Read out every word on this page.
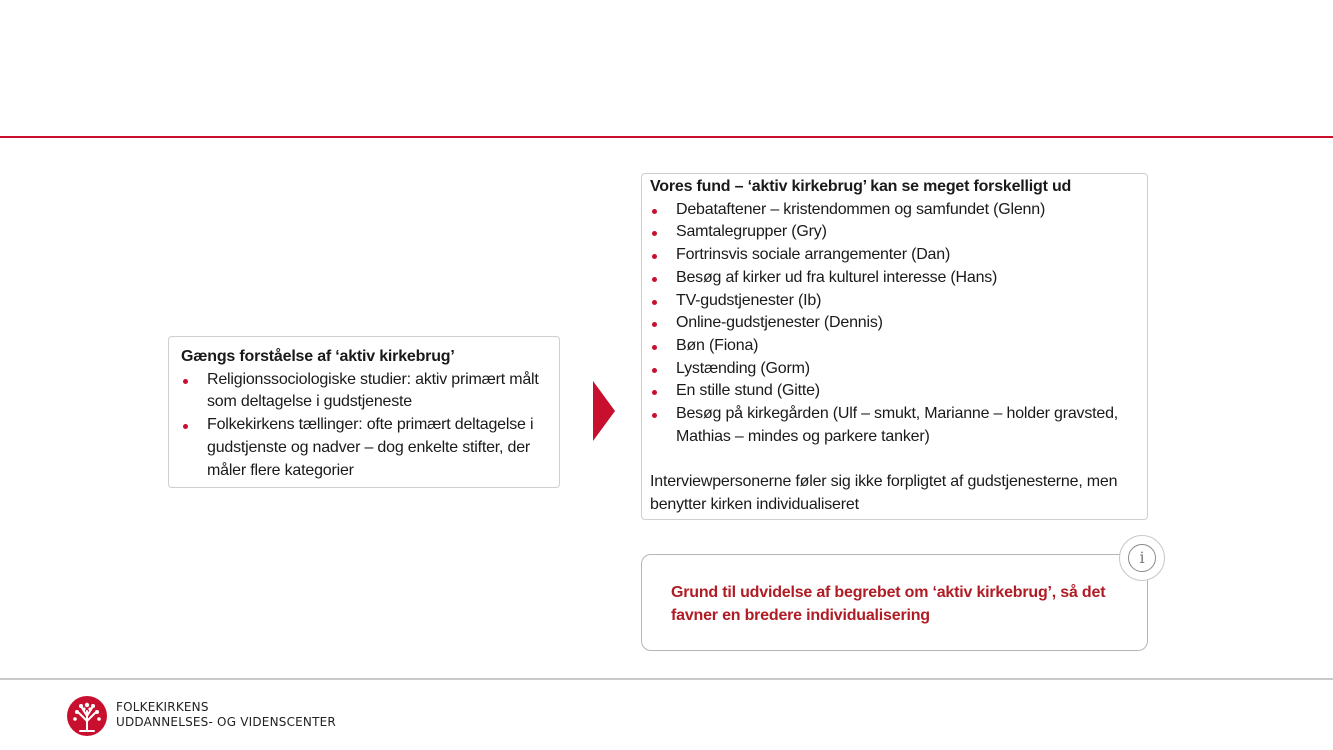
Gængs forståelse af ‘aktiv kirkebrug’
Religionssociologiske studier: aktiv primært målt som deltagelse i gudstjeneste
Folkekirkens tællinger: ofte primært deltagelse i gudstjenste og nadver – dog enkelte stifter, der måler flere kategorier
Vores fund – ‘aktiv kirkebrug’ kan se meget forskelligt ud
Debataftener – kristendommen og samfundet (Glenn)
Samtalegrupper (Gry)
Fortrinsvis sociale arrangementer (Dan)
Besøg af kirker ud fra kulturel interesse (Hans)
TV-gudstjenester (Ib)
Online-gudstjenester (Dennis)
Bøn (Fiona)
Lystænding (Gorm)
En stille stund (Gitte)
Besøg på kirkegården (Ulf – smukt, Marianne – holder gravsted, Mathias – mindes og parkere tanker)
Interviewpersonerne føler sig ikke forpligtet af gudstjenesterne, men benytter kirken individualiseret
Grund til udvidelse af begrebet om ‘aktiv kirkebrug’, så det favner en bredere individualisering
i
FOLKEKIRKENS
UDDANNELSES- OG VIDENSCENTER
